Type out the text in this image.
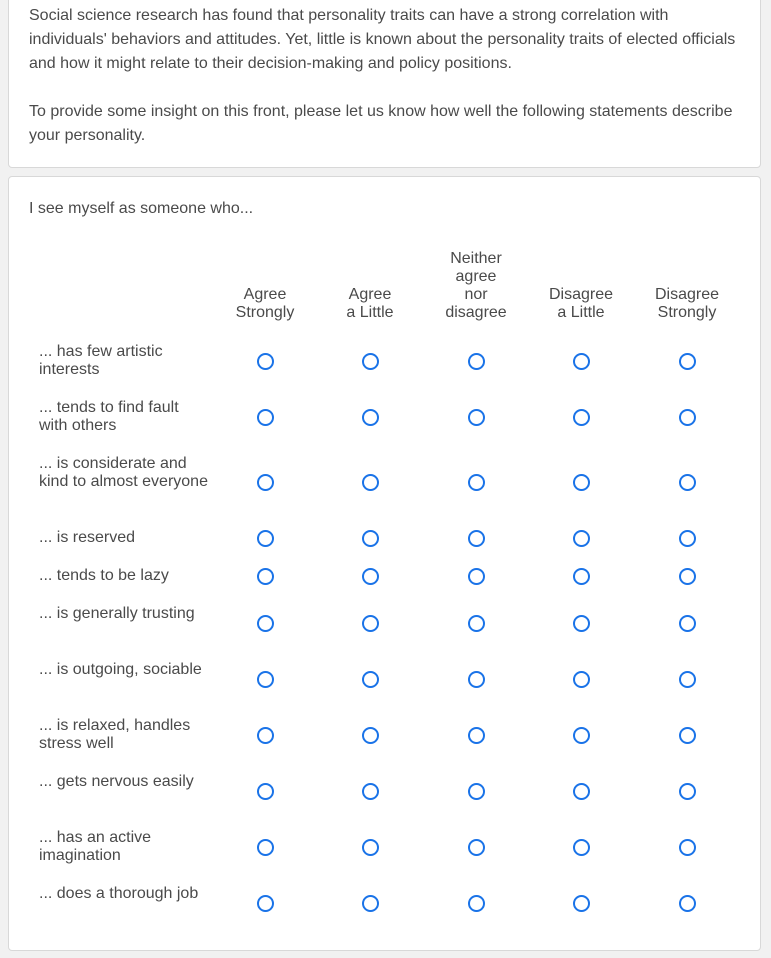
Social science research has found that personality traits can have a strong correlation with individuals' behaviors and attitudes. Yet, little is known about the personality traits of elected officials and how it might relate to their decision-making and policy positions.

To provide some insight on this front, please let us know how well the following statements describe your personality.

I see myself as someone who...

Agree Strongly
Agree a Little
Neither agree nor disagree
Disagree a Little
Disagree Strongly
... has few artistic interests
... tends to find fault with others
... is considerate and kind to almost everyone
... is reserved
... tends to be lazy
... is generally trusting
... is outgoing, sociable
... is relaxed, handles stress well
... gets nervous easily
... has an active imagination
... does a thorough job
